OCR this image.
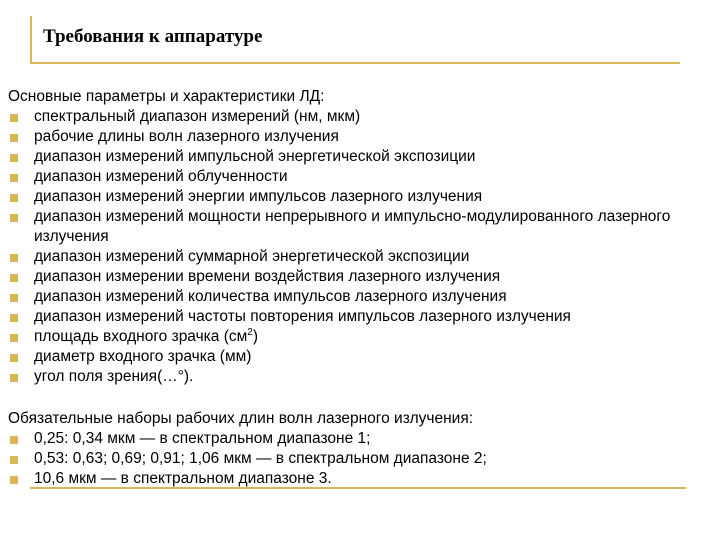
Требования к аппаратуре
Основные параметры и характеристики ЛД:
спектральный диапазон измерений (нм, мкм)
рабочие длины волн лазерного излучения
диапазон измерений импульсной энергетической экспозиции
диапазон измерений облученности
диапазон измерений энергии импульсов лазерного излучения
диапазон измерений мощности непрерывного и импульсно-модулированного лазерного излучения
диапазон измерений суммарной энергетической экспозиции
диапазон измерении времени воздействия лазерного излучения
диапазон измерений количества импульсов лазерного излучения
диапазон измерений частоты повторения импульсов лазерного излучения
площадь входного зрачка $(см^2)$
диаметр входного зрачка (мм)
угол поля зрения(…°).
Обязательные наборы рабочих длин волн лазерного излучения:
0,25: 0,34 мкм — в спектральном диапазоне 1;
0,53: 0,63; 0,69; 0,91; 1,06 мкм — в спектральном диапазоне 2;
10,6 мкм — в спектральном диапазоне 3.
